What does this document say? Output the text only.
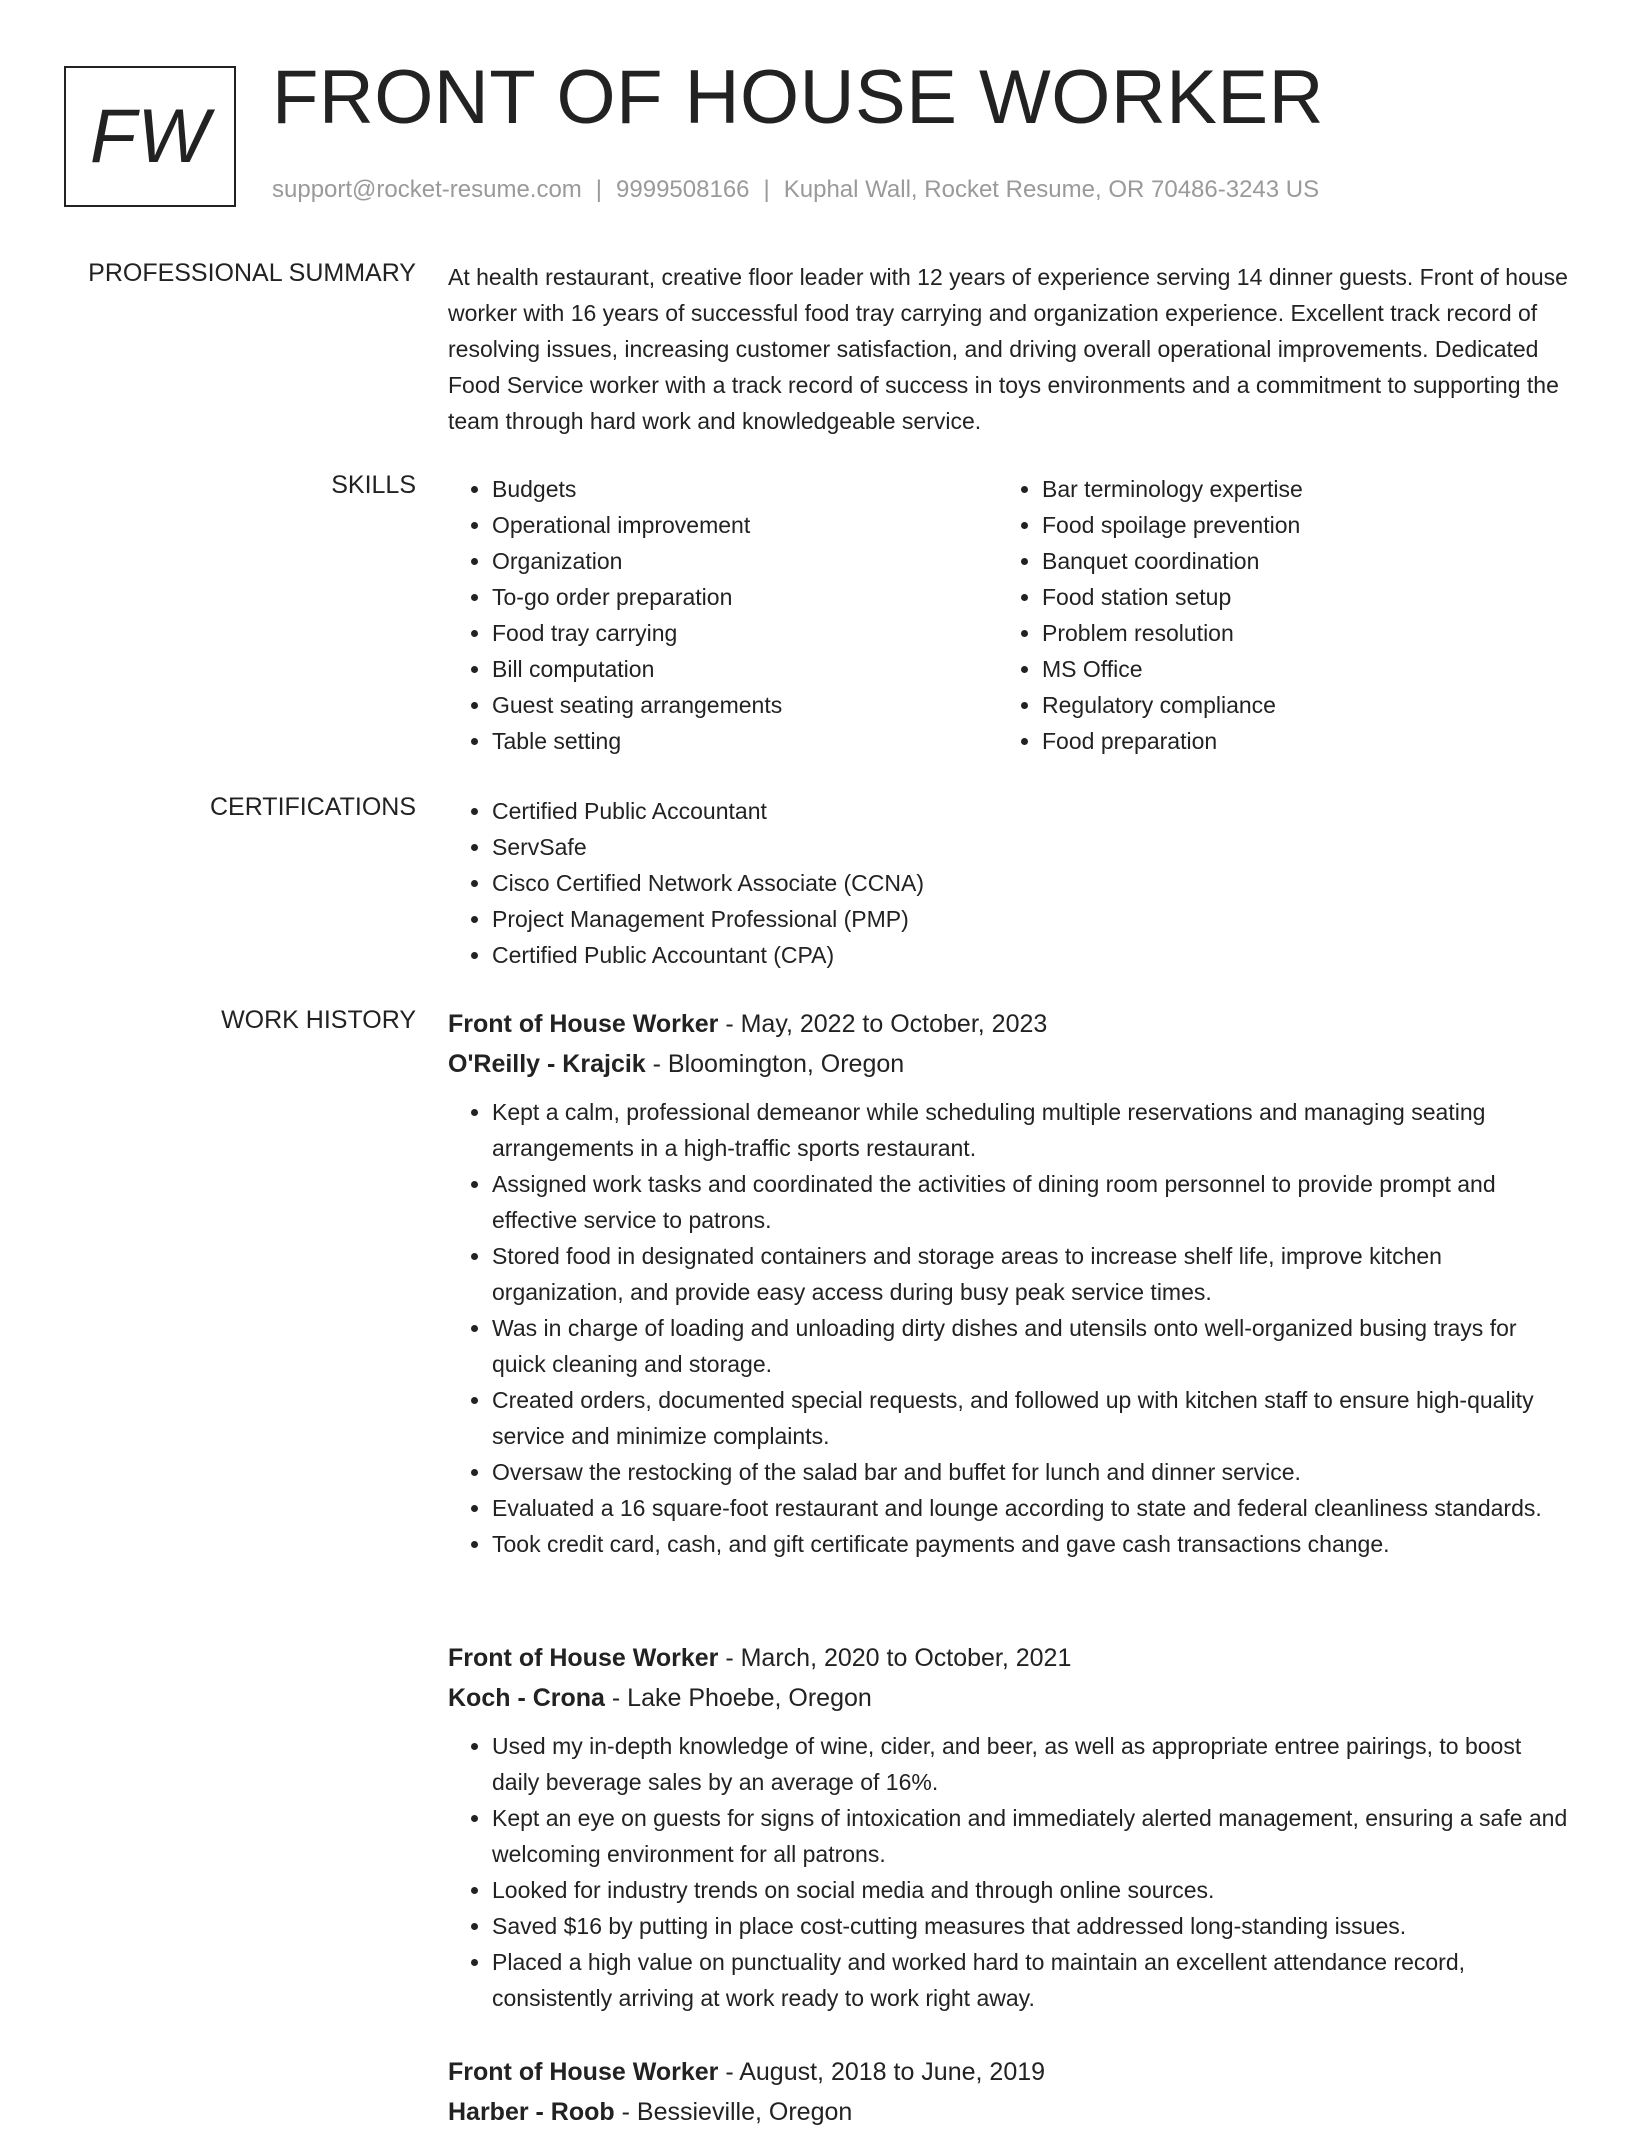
FW FRONT OF HOUSE WORKER
support@rocket-resume.com | 9999508166 | Kuphal Wall, Rocket Resume, OR 70486-3243 US
PROFESSIONAL SUMMARY At health restaurant, creative floor leader with 12 years of experience serving 14 dinner guests. Front of house worker with 16 years of successful food tray carrying and organization experience. Excellent track record of resolving issues, increasing customer satisfaction, and driving overall operational improvements. Dedicated Food Service worker with a track record of success in toys environments and a commitment to supporting the team through hard work and knowledgeable service.

SKILLS	• Budgets
• Operational improvement
• Organization
• To-go order preparation
• Food tray carrying
• Bill computation
• Guest seating arrangements
• Table setting
• Bar terminology expertise
• Food spoilage prevention
• Banquet coordination
• Food station setup
• Problem resolution
• MS Office
• Regulatory compliance
• Food preparation
CERTIFICATIONS	• Certified Public Accountant
• ServSafe
• Cisco Certified Network Associate (CCNA)
• Project Management Professional (PMP)
• Certified Public Accountant (CPA)
WORK HISTORY Front of House Worker - May, 2022 to October, 2023

O'Reilly - Krajcik - Bloomington, Oregon

• Kept a calm, professional demeanor while scheduling multiple reservations and managing seating arrangements in a high-traffic sports restaurant.
• Assigned work tasks and coordinated the activities of dining room personnel to provide prompt and effective service to patrons.
• Stored food in designated containers and storage areas to increase shelf life, improve kitchen organization, and provide easy access during busy peak service times.
• Was in charge of loading and unloading dirty dishes and utensils onto well-organized busing trays for quick cleaning and storage.
• Created orders, documented special requests, and followed up with kitchen staff to ensure high-quality service and minimize complaints.
• Oversaw the restocking of the salad bar and buffet for lunch and dinner service.
• Evaluated a 16 square-foot restaurant and lounge according to state and federal cleanliness standards.
• Took credit card, cash, and gift certificate payments and gave cash transactions change.

Front of House Worker - March, 2020 to October, 2021

Koch - Crona - Lake Phoebe, Oregon

• Used my in-depth knowledge of wine, cider, and beer, as well as appropriate entree pairings, to boost daily beverage sales by an average of 16%.
• Kept an eye on guests for signs of intoxication and immediately alerted management, ensuring a safe and welcoming environment for all patrons.
• Looked for industry trends on social media and through online sources.
• Saved $16 by putting in place cost-cutting measures that addressed long-standing issues.
• Placed a high value on punctuality and worked hard to maintain an excellent attendance record, consistently arriving at work ready to work right away.

Front of House Worker - August, 2018 to June, 2019

Harber - Roob - Bessieville, Oregon
